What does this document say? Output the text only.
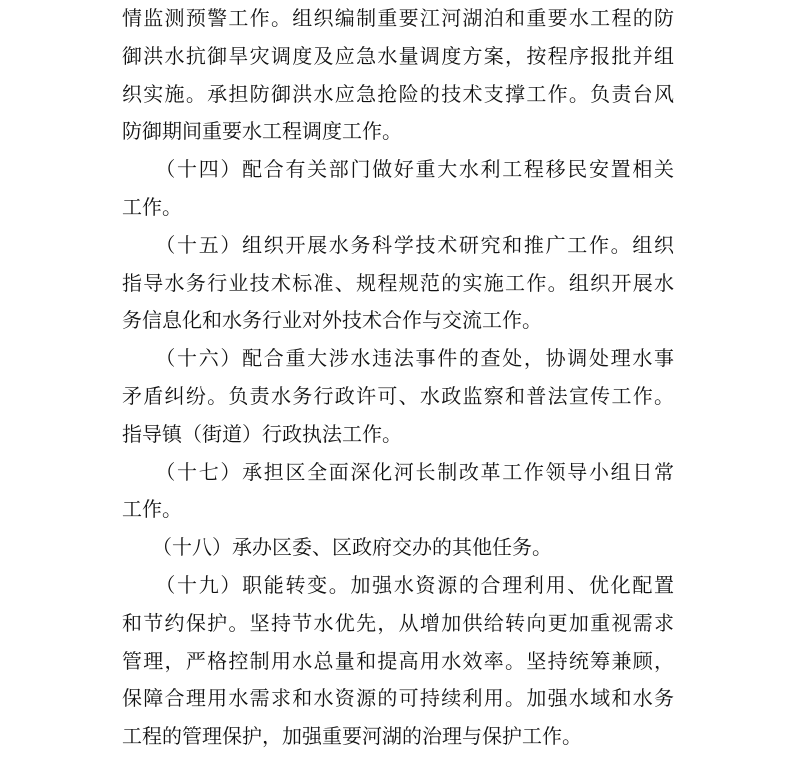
情监测预警工作。组织编制重要江河湖泊和重要水工程的防
御洪水抗御旱灾调度及应急水量调度方案，按程序报批并组
织实施。承担防御洪水应急抢险的技术支撑工作。负责台风
防御期间重要水工程调度工作。
　　（十四）配合有关部门做好重大水利工程移民安置相关
工作。
　　（十五）组织开展水务科学技术研究和推广工作。组织
指导水务行业技术标准、规程规范的实施工作。组织开展水
务信息化和水务行业对外技术合作与交流工作。
　　（十六）配合重大涉水违法事件的查处，协调处理水事
矛盾纠纷。负责水务行政许可、水政监察和普法宣传工作。
指导镇（街道）行政执法工作。
　　（十七）承担区全面深化河长制改革工作领导小组日常
工作。
　　（十八）承办区委、区政府交办的其他任务。
　　（十九）职能转变。加强水资源的合理利用、优化配置
和节约保护。坚持节水优先，从增加供给转向更加重视需求
管理，严格控制用水总量和提高用水效率。坚持统筹兼顾，
保障合理用水需求和水资源的可持续利用。加强水域和水务
工程的管理保护，加强重要河湖的治理与保护工作。
